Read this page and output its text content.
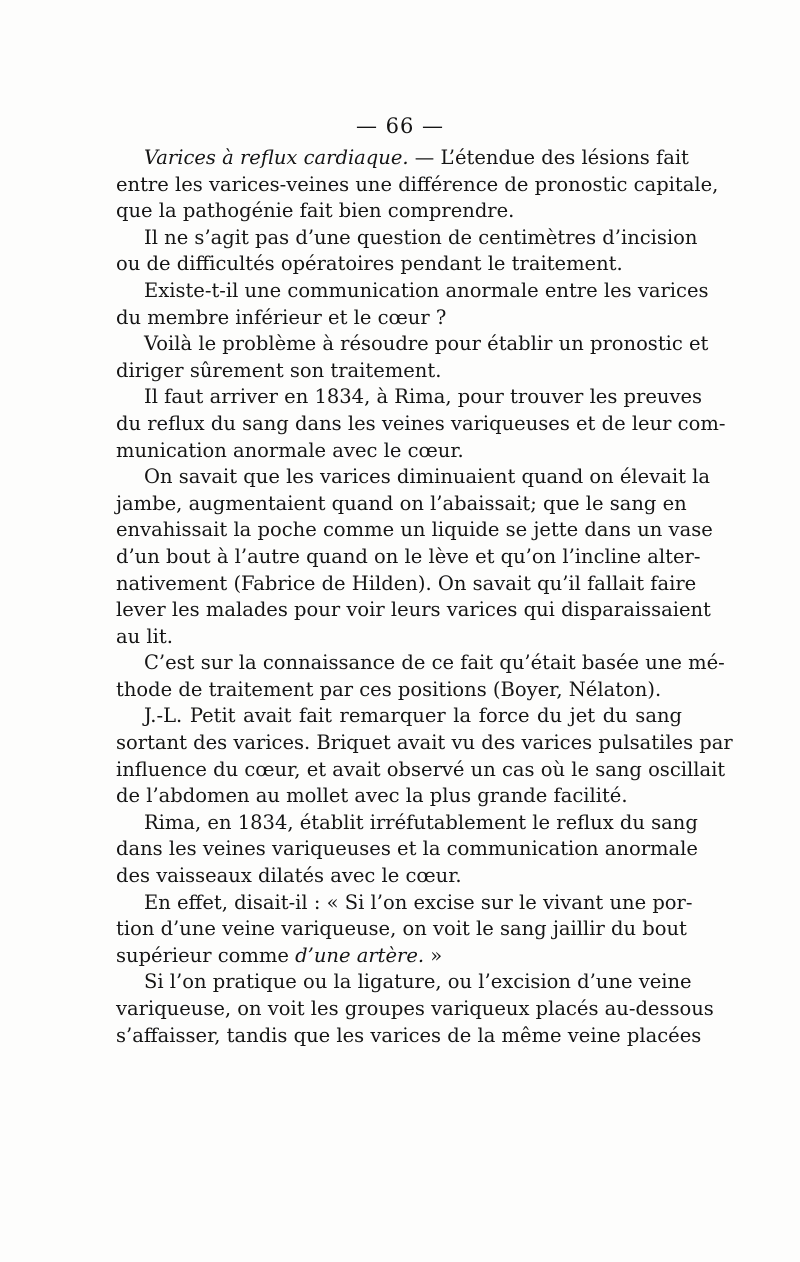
— 66 —

Varices à reflux cardiaque. — L’étendue des lésions fait
entre les varices-veines une différence de pronostic capitale,
que la pathogénie fait bien comprendre.

Il ne s’agit pas d’une question de centimètres d’incision
ou de difficultés opératoires pendant le traitement.

Existe-t-il une communication anormale entre les varices
du membre inférieur et le cœur ?

Voilà le problème à résoudre pour établir un pronostic et
diriger sûrement son traitement.

Il faut arriver en 1834, à Rima, pour trouver les preuves
du reflux du sang dans les veines variqueuses et de leur com-
munication anormale avec le cœur.

On savait que les varices diminuaient quand on élevait la
jambe, augmentaient quand on l’abaissait; que le sang en
envahissait la poche comme un liquide se jette dans un vase
d’un bout à l’autre quand on le lève et qu’on l’incline alter-
nativement (Fabrice de Hilden). On savait qu’il fallait faire
lever les malades pour voir leurs varices qui disparaissaient
au lit.

C’est sur la connaissance de ce fait qu’était basée une mé-
thode de traitement par ces positions (Boyer, Nélaton).

J.-L. Petit avait fait remarquer la force du jet du sang
sortant des varices. Briquet avait vu des varices pulsatiles par
influence du cœur, et avait observé un cas où le sang oscillait
de l’abdomen au mollet avec la plus grande facilité.

Rima, en 1834, établit irréfutablement le reflux du sang
dans les veines variqueuses et la communication anormale
des vaisseaux dilatés avec le cœur.

En effet, disait-il : « Si l’on excise sur le vivant une por-
tion d’une veine variqueuse, on voit le sang jaillir du bout
supérieur comme d’une artère. »

Si l’on pratique ou la ligature, ou l’excision d’une veine
variqueuse, on voit les groupes variqueux placés au-dessous
s’affaisser, tandis que les varices de la même veine placées
